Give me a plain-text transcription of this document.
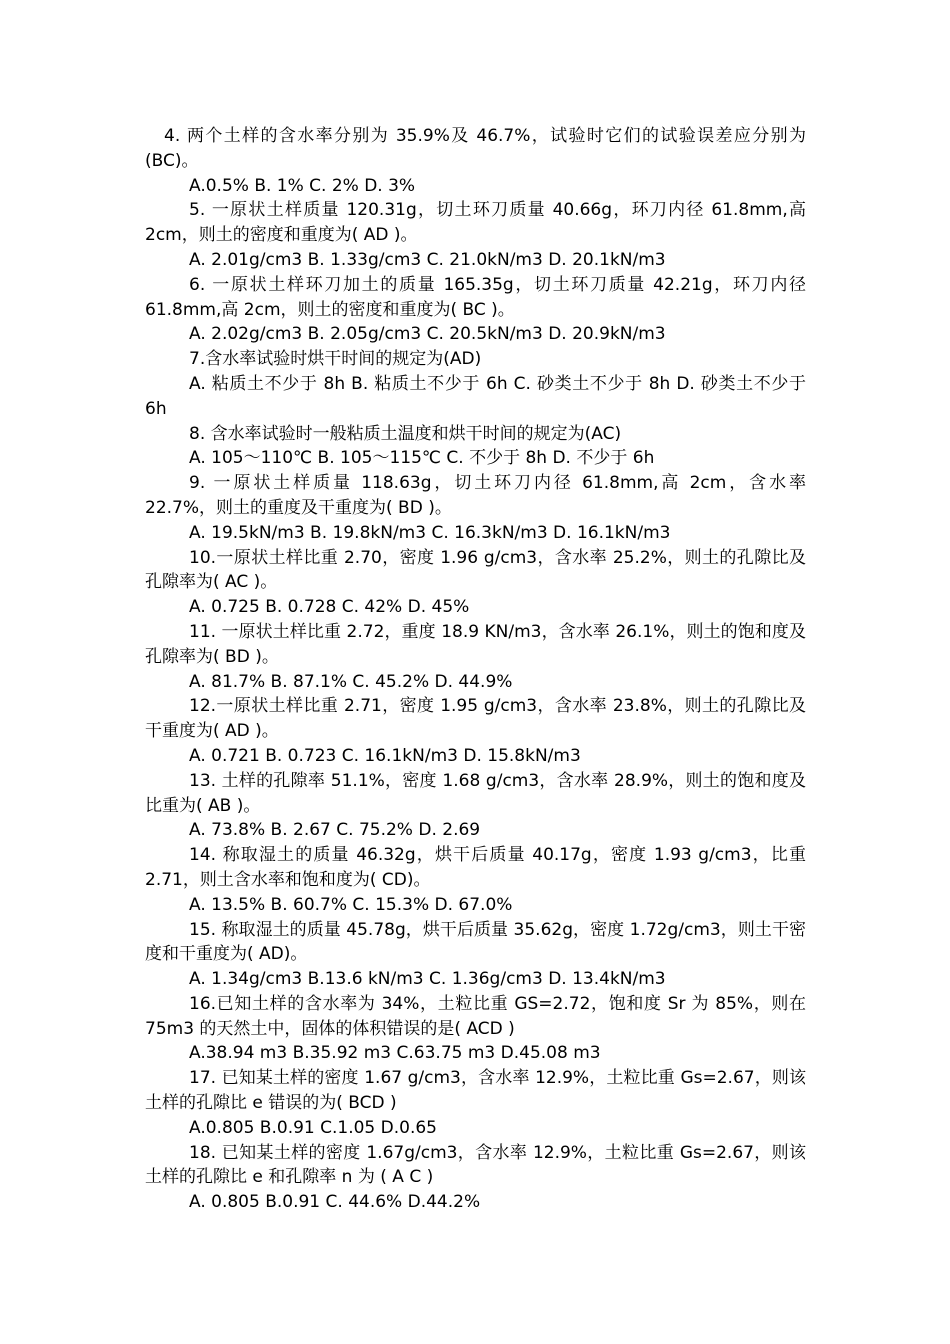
4. 两个土样的含水率分别为 35.9%及 46.7%，试验时它们的试验误差应分别为(BC)。

A.0.5% B. 1% C. 2% D. 3%

5. 一原状土样质量 120.31g，切土环刀质量 40.66g，环刀内径 61.8mm,高 2cm，则土的密度和重度为( AD )。

A. 2.01g/cm3 B. 1.33g/cm3 C. 21.0kN/m3 D. 20.1kN/m3

6. 一原状土样环刀加土的质量 165.35g，切土环刀质量 42.21g，环刀内径 61.8mm,高 2cm，则土的密度和重度为( BC )。

A. 2.02g/cm3 B. 2.05g/cm3 C. 20.5kN/m3 D. 20.9kN/m3

7.含水率试验时烘干时间的规定为(AD)

A. 粘质土不少于 8h B. 粘质土不少于 6h C. 砂类土不少于 8h D. 砂类土不少于 6h

8. 含水率试验时一般粘质土温度和烘干时间的规定为(AC)

A. 105～110℃ B. 105～115℃ C. 不少于 8h D. 不少于 6h

9. 一原状土样质量 118.63g，切土环刀内径 61.8mm,高 2cm，含水率 22.7%，则土的重度及干重度为( BD )。

A. 19.5kN/m3 B. 19.8kN/m3 C. 16.3kN/m3 D. 16.1kN/m3

10.一原状土样比重 2.70，密度 1.96 g/cm3，含水率 25.2%，则土的孔隙比及孔隙率为( AC )。

A. 0.725 B. 0.728 C. 42% D. 45%

11. 一原状土样比重 2.72，重度 18.9 KN/m3，含水率 26.1%，则土的饱和度及孔隙率为( BD )。

A. 81.7% B. 87.1% C. 45.2% D. 44.9%

12.一原状土样比重 2.71，密度 1.95 g/cm3，含水率 23.8%，则土的孔隙比及干重度为( AD )。

A. 0.721 B. 0.723 C. 16.1kN/m3 D. 15.8kN/m3

13. 土样的孔隙率 51.1%，密度 1.68 g/cm3，含水率 28.9%，则土的饱和度及比重为( AB )。

A. 73.8% B. 2.67 C. 75.2% D. 2.69

14. 称取湿土的质量 46.32g，烘干后质量 40.17g，密度 1.93 g/cm3，比重 2.71，则土含水率和饱和度为( CD)。

A. 13.5% B. 60.7% C. 15.3% D. 67.0%

15. 称取湿土的质量 45.78g，烘干后质量 35.62g，密度 1.72g/cm3，则土干密度和干重度为( AD)。

A. 1.34g/cm3 B.13.6 kN/m3 C. 1.36g/cm3 D. 13.4kN/m3

16.已知土样的含水率为 34%，土粒比重 GS=2.72，饱和度 Sr 为 85%，则在 75m3 的天然土中，固体的体积错误的是( ACD )

A.38.94 m3 B.35.92 m3 C.63.75 m3 D.45.08 m3

17. 已知某土样的密度 1.67 g/cm3，含水率 12.9%，土粒比重 Gs=2.67，则该土样的孔隙比 e 错误的为( BCD )

A.0.805 B.0.91 C.1.05 D.0.65

18. 已知某土样的密度 1.67g/cm3，含水率 12.9%，土粒比重 Gs=2.67，则该土样的孔隙比 e 和孔隙率 n 为 ( A C )

A. 0.805 B.0.91 C. 44.6% D.44.2%
